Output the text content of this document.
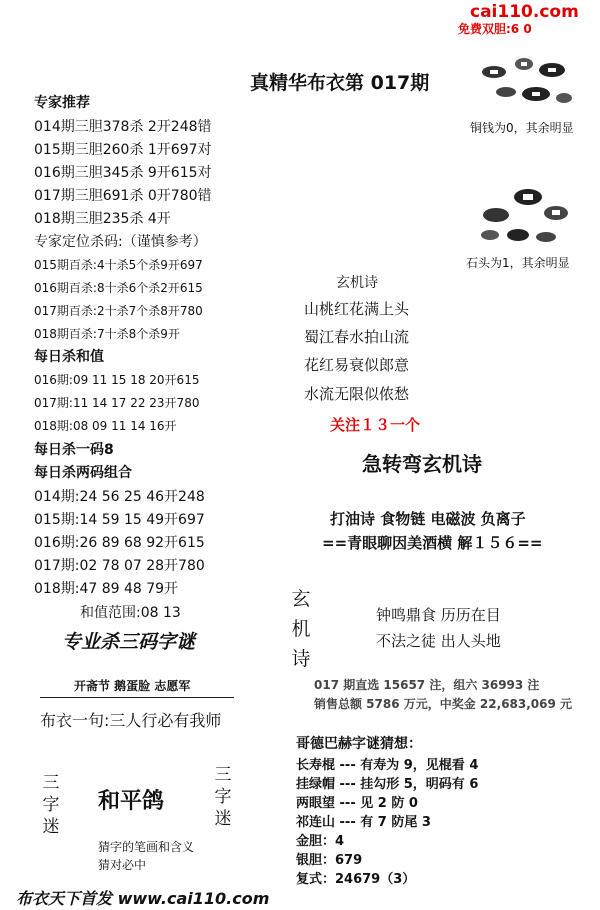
cai110.com
免费双胆:6 0
真精华布衣第 017期
铜钱为0，其余明显
石头为1，其余明显
专家推荐
014期三胆378杀 2开248错
015期三胆260杀 1开697对
016期三胆345杀 9开615对
017期三胆691杀 0开780错
018期三胆235杀 4开
专家定位杀码:（谨慎参考）
015期百杀:4十杀5个杀9开697
016期百杀:8十杀6个杀2开615
017期百杀:2十杀7个杀8开780
018期百杀:7十杀8个杀9开
每日杀和值
016期:09 11 15 18 20开615
017期:11 14 17 22 23开780
018期:08 09 11 14 16开
每日杀一码8
每日杀两码组合
014期:24 56 25 46开248
015期:14 59 15 49开697
016期:26 89 68 92开615
017期:02 78 07 28开780
018期:47 89 48 79开
和值范围:08 13
专业杀三码字谜
开斋节 鹅蛋脸 志愿军
布衣一句:三人行必有我师
三字迷
三字迷
和平鸽
猜字的笔画和含义
猜对必中
玄机诗
山桃红花满上头
蜀江春水拍山流
花红易衰似郎意
水流无限似侬愁
关注１３一个
急转弯玄机诗
打油诗 食物链 电磁波 负离子
==青眼聊因美酒横 解１５６==
玄机诗
钟鸣鼎食 历历在目
不法之徒 出人头地
017 期直选 15657 注，组六 36993 注
销售总额 5786 万元，中奖金 22,683,069 元
哥德巴赫字谜猜想：
长寿棍 --- 有寿为 9，见棍看 4
挂绿帽 --- 挂勾形 5，明码有 6
两眼望 --- 见 2 防 0
祁连山 --- 有 7 防尾 3
金胆：4
银胆：679
复式：24679（3）
布衣天下首发 www.cai110.com
